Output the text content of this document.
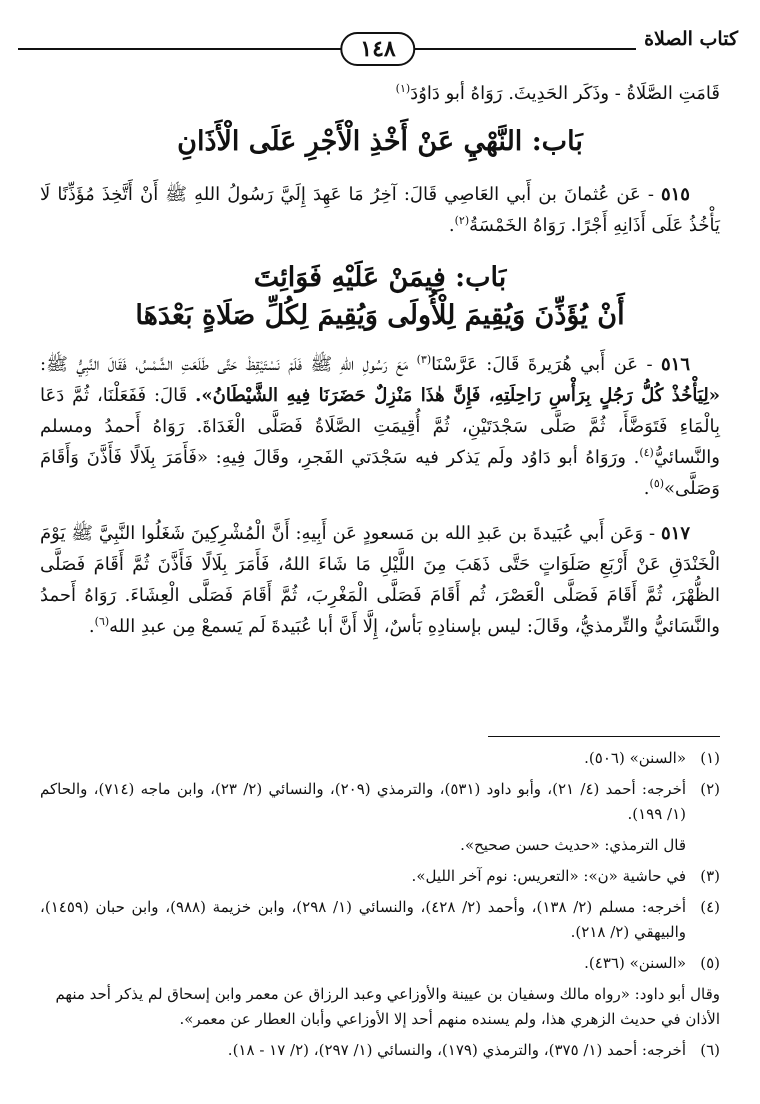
كتاب الصلاة
١٤٨

قَامَتِ الصَّلَاةُ - وذَكَر الحَدِيثَ. رَوَاهُ أبو دَاوُدَ$^{(١)}$

بَاب: النَّهْيِ عَنْ أَخْذِ الْأَجْرِ عَلَى الْأَذَانِ

٥١٥ - عَن عُثمانَ بن أَبي العَاصِي قَالَ: آخِرُ مَا عَهِدَ إِلَيَّ رَسُولُ اللهِ ﷺ أَنْ أَتَّخِذَ مُؤَذِّنًا لَا يَأْخُذُ عَلَى أَذَانِهِ أَجْرًا. رَوَاهُ الخَمْسَةُ$^{(٢)}$.

بَاب: فِيمَنْ عَلَيْهِ فَوَائِتَ
أَنْ يُؤَذِّنَ وَيُقِيمَ لِلْأُولَى وَيُقِيمَ لِكُلِّ صَلَاةٍ بَعْدَهَا

٥١٦ - عَن أَبي هُرَيرةَ قَالَ: عَرَّسْنَا$^{(٣)}$ مَعَ رَسُولِ اللهِ ﷺ فَلَمْ نَسْتَيْقِظْ حَتَّى طَلَعَتِ الشَّمْسُ، فَقَالَ النَّبِيُّ ﷺ: «لِيَأْخُذْ كُلُّ رَجُلٍ بِرَأْسِ رَاحِلَتِهِ، فَإِنَّ هٰذَا مَنْزِلٌ حَضَرَنَا فِيهِ الشَّيْطَانُ». قَالَ: فَفَعَلْنَا، ثُمَّ دَعَا بِالْمَاءِ فَتَوَضَّأَ، ثُمَّ صَلَّى سَجْدَتَيْنِ، ثُمَّ أُقِيمَتِ الصَّلَاةُ فَصَلَّى الْغَدَاةَ. رَوَاهُ أَحمدُ ومسلم والنَّسائيُّ$^{(٤)}$. ورَوَاهُ أبو دَاوُد ولَم يَذكر فيه سَجْدَتي الفَجرِ، وقَالَ فِيهِ: «فَأَمَرَ بِلَالًا فَأَذَّنَ وَأَقَامَ وَصَلَّى»$^{(٥)}$.

٥١٧ - وَعَن أَبي عُبَيدةَ بن عَبدِ الله بن مَسعودٍ عَن أَبِيهِ: أَنَّ الْمُشْرِكِينَ شَغَلُوا النَّبِيَّ ﷺ يَوْمَ الْخَنْدَقِ عَنْ أَرْبَعِ صَلَوَاتٍ حَتَّى ذَهَبَ مِنَ اللَّيْلِ مَا شَاءَ اللهُ، فَأَمَرَ بِلَالًا فَأَذَّنَ ثُمَّ أَقَامَ فَصَلَّى الظُّهْرَ، ثُمَّ أَقَامَ فَصَلَّى الْعَصْرَ، ثُم أَقَامَ فَصَلَّى الْمَغْرِبَ، ثُمَّ أَقَامَ فَصَلَّى الْعِشَاءَ. رَوَاهُ أَحمدُ والنَّسَائيُّ والتِّرمذيُّ، وقَالَ: ليس بإسنادِهِ بَأسٌ، إِلَّا أَنَّ أبا عُبَيدةَ لَم يَسمعْ مِن عبدِ الله$^{(٦)}$.

(١)
«السنن» (٥٠٦).
(٢)
أخرجه: أحمد (٤/ ٢١)، وأبو داود (٥٣١)، والترمذي (٢٠٩)، والنسائي (٢/ ٢٣)، وابن ماجه (٧١٤)، والحاكم (١/ ١٩٩).
قال الترمذي: «حديث حسن صحيح».
(٣)
في حاشية «ن»: «التعريس: نوم آخر الليل».
(٤)
أخرجه: مسلم (٢/ ١٣٨)، وأحمد (٢/ ٤٢٨)، والنسائي (١/ ٢٩٨)، وابن خزيمة (٩٨٨)، وابن حبان (١٤٥٩)، والبيهقي (٢/ ٢١٨).
(٥)
«السنن» (٤٣٦).
وقال أبو داود: «رواه مالك وسفيان بن عيينة والأوزاعي وعبد الرزاق عن معمر وابن إسحاق لم يذكر أحد منهم الأذان في حديث الزهري هذا، ولم يسنده منهم أحد إلا الأوزاعي وأبان العطار عن معمر».
(٦)
أخرجه: أحمد (١/ ٣٧٥)، والترمذي (١٧٩)، والنسائي (١/ ٢٩٧)، (٢/ ١٧ - ١٨).
